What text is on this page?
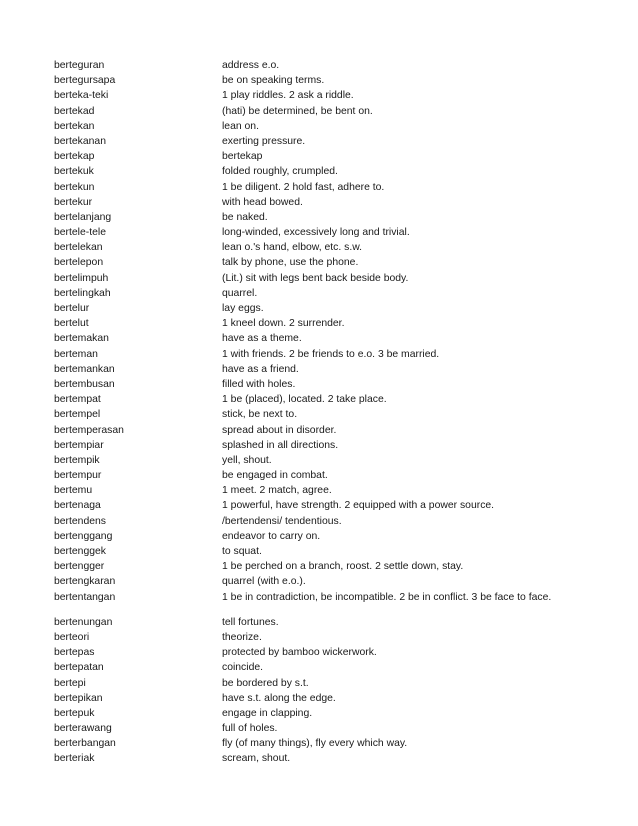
berteguran	address e.o.
bertegursapa	be on speaking terms.
berteka-teki	1 play riddles. 2 ask a riddle.
bertekad	(hati) be determined, be bent on.
bertekan	lean on.
bertekanan	exerting pressure.
bertekap	bertekap
bertekuk	folded roughly, crumpled.
bertekun	1 be diligent. 2 hold fast, adhere to.
bertekur	with head bowed.
bertelanjang	be naked.
bertele-tele	long-winded, excessively long and trivial.
bertelekan	lean o.'s hand, elbow, etc. s.w.
bertelepon	talk by phone, use the phone.
bertelimpuh	(Lit.) sit with legs bent back beside body.
bertelingkah	quarrel.
bertelur	lay eggs.
bertelut	1 kneel down. 2 surrender.
bertemakan	have as a theme.
berteman	1 with friends. 2 be friends to e.o. 3 be married.
bertemankan	have as a friend.
bertembusan	filled with holes.
bertempat	1 be (placed), located. 2 take place.
bertempel	stick, be next to.
bertemperasan	spread about in disorder.
bertempiar	splashed in all directions.
bertempik	yell, shout.
bertempur	be engaged in combat.
bertemu	1 meet. 2 match, agree.
bertenaga	1 powerful, have strength. 2 equipped with a power source.
bertendens	/bertendensi/ tendentious.
bertenggang	endeavor to carry on.
bertenggek	to squat.
bertengger	1 be perched on a branch, roost. 2 settle down, stay.
bertengkaran	quarrel (with e.o.).
bertentangan	1 be in contradiction, be incompatible. 2 be in conflict. 3 be face to face.
bertenungan	tell fortunes.
berteori	theorize.
bertepas	protected by bamboo wickerwork.
bertepatan	coincide.
bertepi	be bordered by s.t.
bertepikan	have s.t. along the edge.
bertepuk	engage in clapping.
berterawang	full of holes.
berterbangan	fly (of many things), fly every which way.
berteriak	scream, shout.
